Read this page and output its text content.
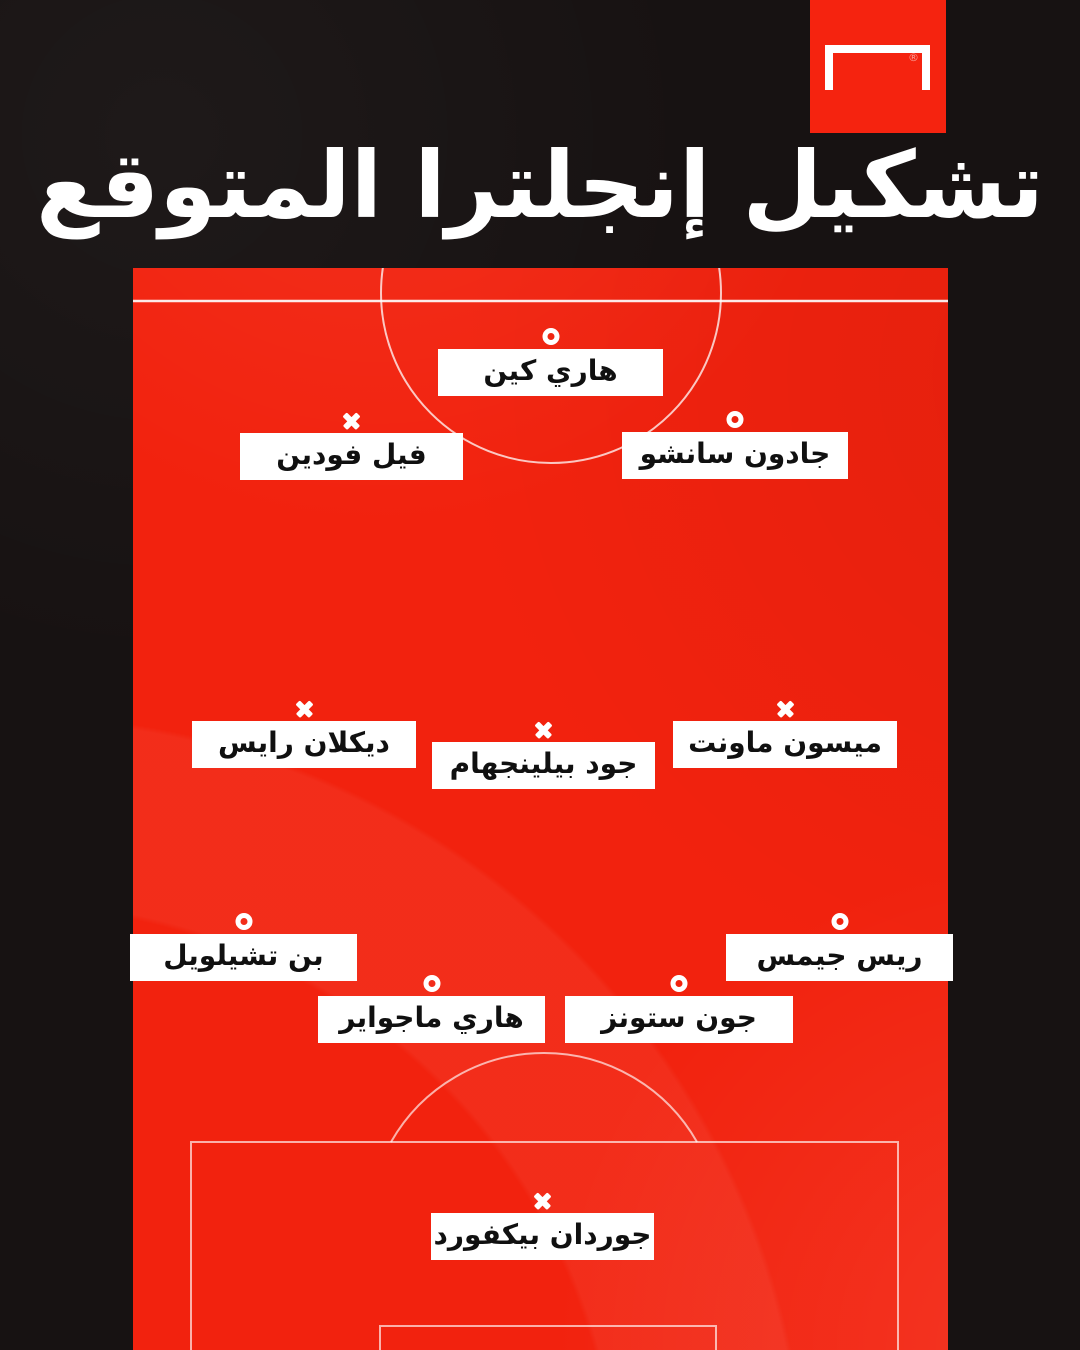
®
تشكيل إنجلترا المتوقع
هاري كين
فيل فودين	جادون سانشو
ديكلان رايس
جود بيلينجهام
ميسون ماونت
بن تشيلويل
هاري ماجواير	جون ستونز
ريس جيمس
جوردان بيكفورد
